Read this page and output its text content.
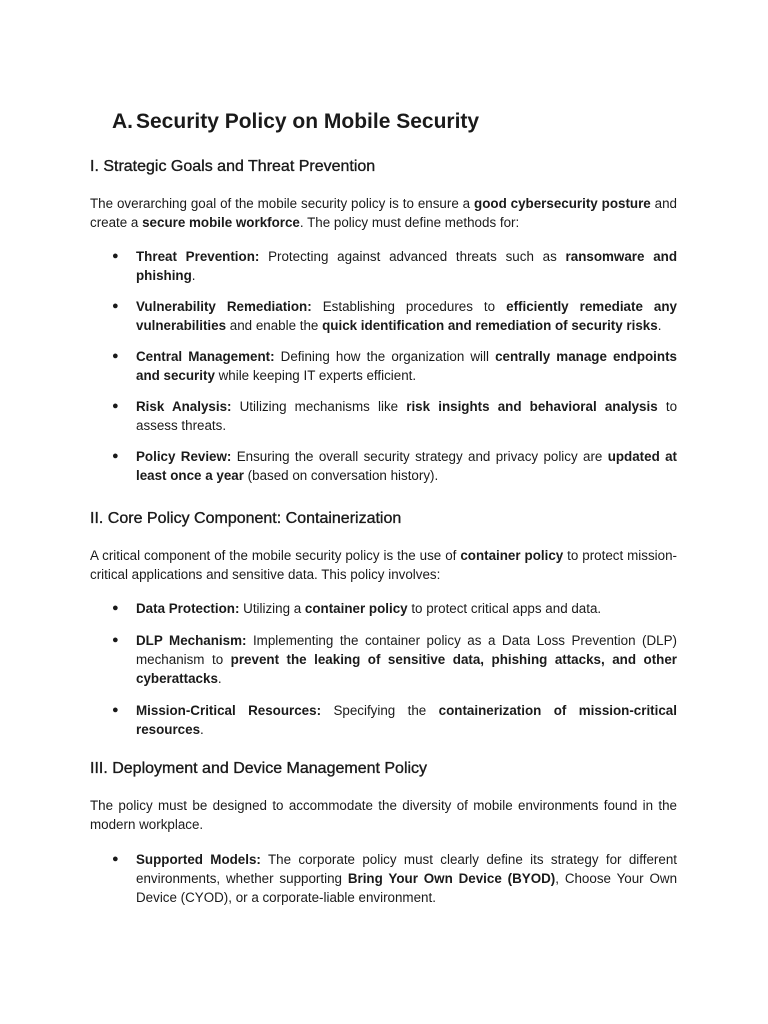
A. Security Policy on Mobile Security
I. Strategic Goals and Threat Prevention

The overarching goal of the mobile security policy is to ensure a good cybersecurity posture and create a secure mobile workforce. The policy must define methods for:

● Threat Prevention: Protecting against advanced threats such as ransomware and phishing.
● Vulnerability Remediation: Establishing procedures to efficiently remediate any vulnerabilities and enable the quick identification and remediation of security risks.
● Central Management: Defining how the organization will centrally manage endpoints and security while keeping IT experts efficient.
● Risk Analysis: Utilizing mechanisms like risk insights and behavioral analysis to assess threats.
● Policy Review: Ensuring the overall security strategy and privacy policy are updated at least once a year (based on conversation history).
II. Core Policy Component: Containerization

A critical component of the mobile security policy is the use of container policy to protect mission-critical applications and sensitive data. This policy involves:

● Data Protection: Utilizing a container policy to protect critical apps and data.
● DLP Mechanism: Implementing the container policy as a Data Loss Prevention (DLP) mechanism to prevent the leaking of sensitive data, phishing attacks, and other cyberattacks.
● Mission-Critical Resources: Specifying the containerization of mission-critical resources.
III. Deployment and Device Management Policy

The policy must be designed to accommodate the diversity of mobile environments found in the modern workplace.

● Supported Models: The corporate policy must clearly define its strategy for different environments, whether supporting Bring Your Own Device (BYOD), Choose Your Own Device (CYOD), or a corporate-liable environment.
